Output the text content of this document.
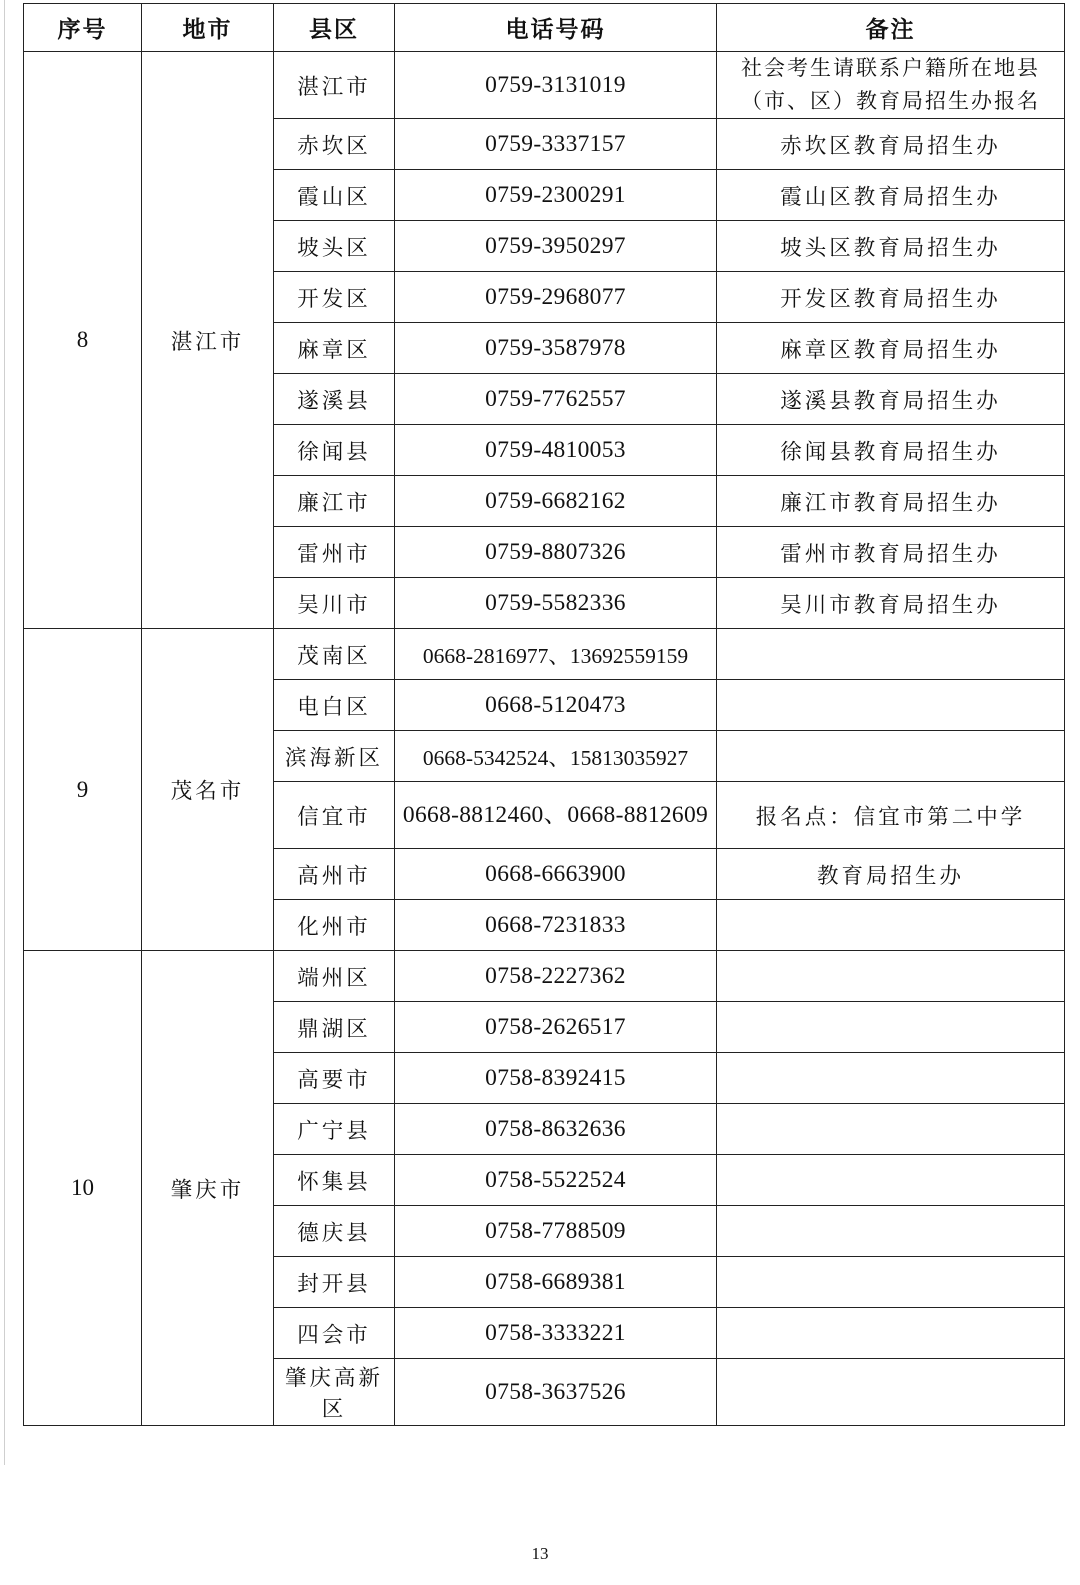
序号	地市	县区	电话号码	备注
8	湛江市	湛江市	0759-3131019	社会考生请联系户籍所在地县（市、区）教育局招生办报名
		赤坎区	0759-3337157	赤坎区教育局招生办
		霞山区	0759-2300291	霞山区教育局招生办
		坡头区	0759-3950297	坡头区教育局招生办
		开发区	0759-2968077	开发区教育局招生办
		麻章区	0759-3587978	麻章区教育局招生办
		遂溪县	0759-7762557	遂溪县教育局招生办
		徐闻县	0759-4810053	徐闻县教育局招生办
		廉江市	0759-6682162	廉江市教育局招生办
		雷州市	0759-8807326	雷州市教育局招生办
		吴川市	0759-5582336	吴川市教育局招生办
9	茂名市	茂南区	0668-2816977、13692559159	
		电白区	0668-5120473	
		滨海新区	0668-5342524、15813035927	
		信宜市	0668-8812460、0668-8812609	报名点：信宜市第二中学
		高州市	0668-6663900	教育局招生办
		化州市	0668-7231833	
10	肇庆市	端州区	0758-2227362	
		鼎湖区	0758-2626517	
		高要市	0758-8392415	
		广宁县	0758-8632636	
		怀集县	0758-5522524	
		德庆县	0758-7788509	
		封开县	0758-6689381	
		四会市	0758-3333221	
		肇庆高新区	0758-3637526	
13
